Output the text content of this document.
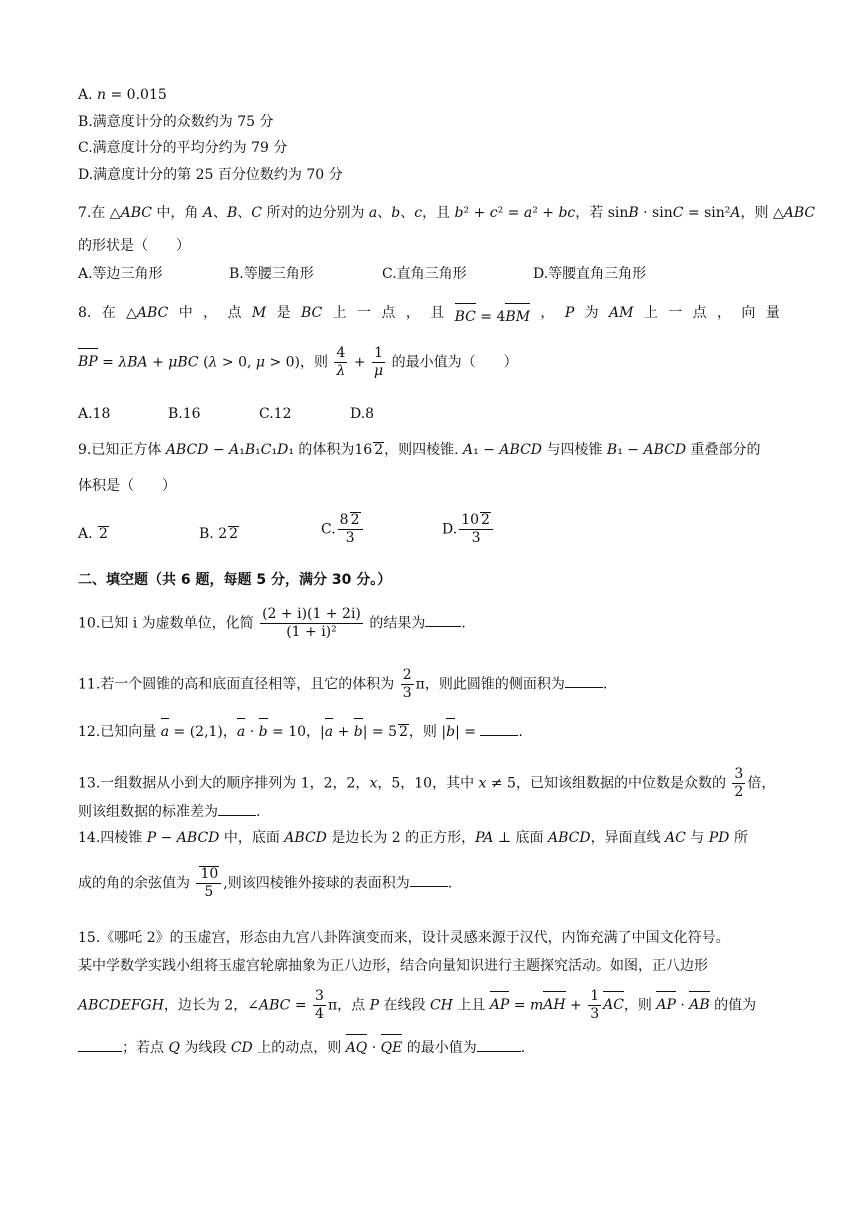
A. n = 0.015
B.满意度计分的众数约为 75 分
C.满意度计分的平均分约为 79 分
D.满意度计分的第 25 百分位数约为 70 分
7.在 △ABC 中，角 A、B、C 所对的边分别为 a、b、c，且 b² + c² = a² + bc，若 sinB · sinC = sin²A，则 △ABC
的形状是（　　）
A.等边三角形	B.等腰三角形	C.直角三角形	D.等腰直角三角形
8. 在 △ABC 中 ， 点 M 是 BC 上 一 点 ， 且 BC = 4BM ， P 为 AM 上 一 点 ， 向 量
BP = λBA + μBC (λ > 0, μ > 0)，则 $\frac{4}{\lambda} + \frac{1}{\mu}$ 的最小值为（　　）
A.18	B.16	C.12	D.8
9.已知正方体 ABCD − A₁B₁C₁D₁ 的体积为16 2，则四棱锥. A₁ − ABCD 与四棱锥 B₁ − ABCD 重叠部分的
体积是（　　）
A. 2	B. 2 2	C. $\frac{8 2}{3}$	D. $\frac{10 2}{3}$
二、填空题（共 6 题，每题 5 分，满分 30 分。）
10.已知 i 为虚数单位，化简 $\frac{(2 + i)(1 + 2i)}{\text{(1 + i)²}}$ 的结果为	.
11.若一个圆锥的高和底面直径相等，且它的体积为 $\frac{2}{3}$ π，则此圆锥的侧面积为	.
12.已知向量 a = (2,1)，a · b = 10，|a + b| = 5 2，则 |b| =	.
13.一组数据从小到大的顺序排列为 1，2，2，x，5，10，其中 x ≠ 5，已知该组数据的中位数是众数的 $\frac{3}{2}$ 倍，
则该组数据的标准差为	.
14.四棱锥 P − ABCD 中，底面 ABCD 是边长为 2 的正方形，PA ⊥ 底面 ABCD，异面直线 AC 与 PD 所
成的角的余弦值为 $\frac{10}{5}$ ,则该四棱锥外接球的表面积为	.
15.《哪吒 2》的玉虚宫，形态由九宫八卦阵演变而来，设计灵感来源于汉代，内饰充满了中国文化符号。
某中学数学实践小组将玉虚宫轮廓抽象为正八边形，结合向量知识进行主题探究活动。如图，正八边形
ABCDEFGH，边长为 2，∠ABC = $\frac{3}{4}$ π，点 P 在线段 CH 上且 AP = mAH + $\frac{1}{3}$ AC，则 AP · AB 的值为
；若点 Q 为线段 CD 上的动点，则 AQ · QE 的最小值为	.
